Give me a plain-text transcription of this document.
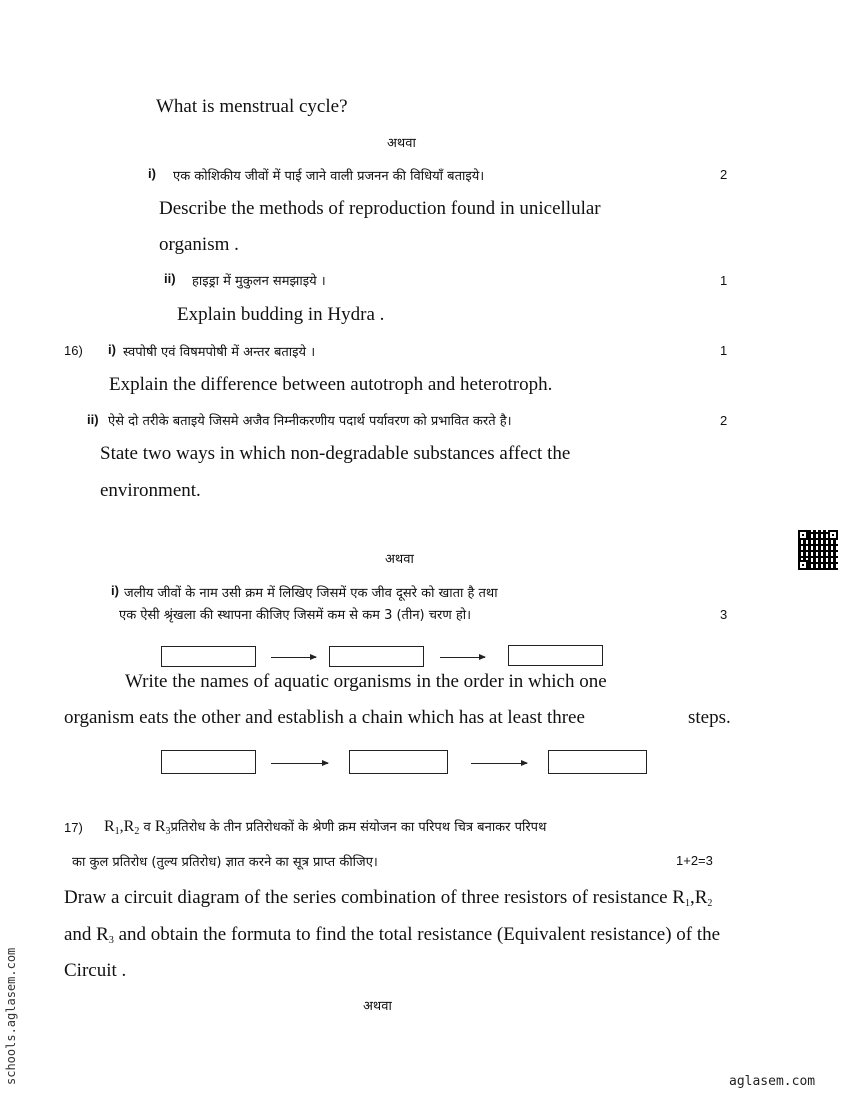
What is menstrual cycle?
अथवा
i) एक कोशिकीय जीवों में पाई जाने वाली प्रजनन की विधियाँ बताइये।	2
Describe the methods of reproduction found in unicellular
organism .
ii) हाइड्रा में मुकुलन समझाइये ।	1
Explain budding in Hydra .
16) i) स्वपोषी एवं विषमपोषी में अन्तर बताइये ।	1
Explain the difference between autotroph and heterotroph.
ii) ऐसे दो तरीके बताइये जिसमे अजैव निम्नीकरणीय पदार्थ पर्यावरण को प्रभावित करते है।	2
State two ways in which non-degradable substances affect the
environment.
अथवा
i) जलीय जीवों के नाम उसी क्रम में लिखिए जिसमें एक जीव दूसरे को खाता है तथा
एक ऐसी श्रृंखला की स्थापना कीजिए जिसमें कम से कम 3 (तीन) चरण हो।	3
Write the names of aquatic organisms in the order in which one
organism eats the other and establish a chain which has at least three	steps.
17) $R_1,R_2$ व $R_3प्रतिरोध$ के तीन प्रतिरोधकों के श्रेणी क्रम संयोजन का परिपथ चित्र बनाकर परिपथ
का कुल प्रतिरोध (तुल्य प्रतिरोध) ज्ञात करने का सूत्र प्राप्त कीजिए।	1+2=3
Draw a circuit diagram of the series combination of three resistors of resistance $R_1,R_2$
and $R_3$ and obtain the formuta to find the total resistance (Equivalent resistance) of the
Circuit .
अथवा
schools.aglasem.com	aglasem.com
